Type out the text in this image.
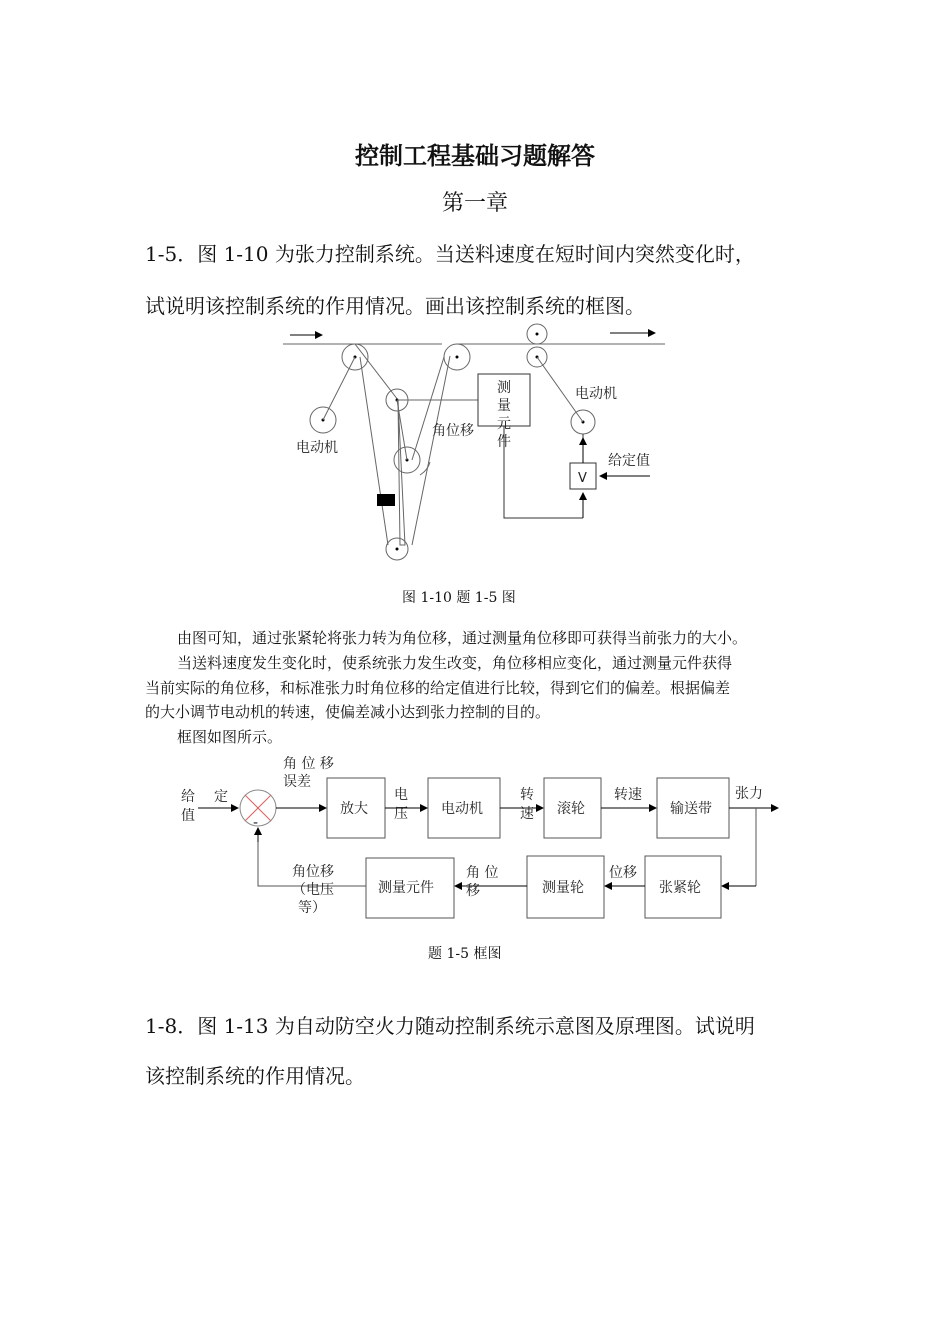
控制工程基础习题解答
第一章
1-5．图 1-10 为张力控制系统。当送料速度在短时间内突然变化时，
试说明该控制系统的作用情况。画出该控制系统的框图。
电动机
电动机
角位移
给定值
测
量
元
件
V
图 1-10 题 1-5 图
由图可知，通过张紧轮将张力转为角位移，通过测量角位移即可获得当前张力的大小。
当送料速度发生变化时，使系统张力发生改变，角位移相应变化，通过测量元件获得
当前实际的角位移，和标准张力时角位移的给定值进行比较，得到它们的偏差。根据偏差
的大小调节电动机的转速，使偏差减小达到张力控制的目的。
框图如图所示。
给 定
值
角 位 移
误差
-
放大
电
压 电动机
转
速 滚轮
转速
输送带
张力
张紧轮
位移
测量轮
角 位
移
测量元件
角位移
（电压
等）
题 1-5 框图
1-8．图 1-13 为自动防空火力随动控制系统示意图及原理图。试说明
该控制系统的作用情况。
